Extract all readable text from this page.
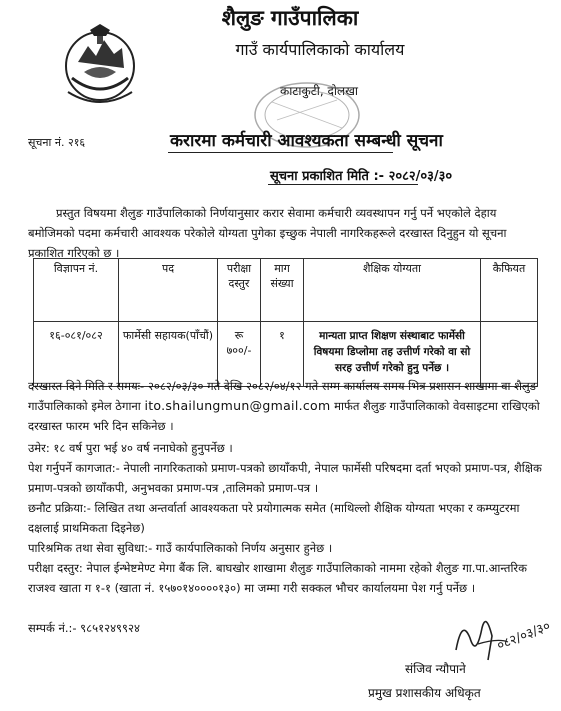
शैलुङ गाउँपालिका
गाउँ कार्यपालिकाको कार्यालय
काटाकुटी, दोलखा
सूचना नं. २१६	करारमा कर्मचारी आवश्यकता सम्बन्धी सूचना
सूचना प्रकाशित मिति :- २०८२/०३/३०
प्रस्तुत विषयमा शैलुङ गाउँपालिकाको निर्णयानुसार करार सेवामा कर्मचारी व्यवस्थापन गर्नु पर्ने भएकोले देहाय बमोजिमको पदमा कर्मचारी आवश्यक परेकोले योग्यता पुगेका इच्छुक नेपाली नागरिकहरूले दरखास्त दिनुहुन यो सूचना प्रकाशित गरिएको छ ।
विज्ञापन नं.	पद	परीक्षा दस्तुर	माग संख्या	शैक्षिक योग्यता	कैफियत
१६-०८१/०८२	फार्मेसी सहायक(पाँचौं)	रू ७००/-	१	मान्यता प्राप्त शिक्षण संस्थाबाट फार्मेसी विषयमा डिप्लोमा तह उत्तीर्ण गरेको वा सो सरह उत्तीर्ण गरेको हुनु पर्नेछ ।	
दरखास्त दिने मिति र समयः- २०८२/०३/३० गते देखि २०८२/०४/१२ गते सम्म कार्यालय समय भित्र प्रशासन शाखामा वा शैलुङ गाउँपालिकाको इमेल ठेगाना ito.shailungmun@gmail.com मार्फत शैलुङ गाउँपालिकाको वेवसाइटमा राखिएको दरखास्त फारम भरि दिन सकिनेछ ।
उमेर: १८ वर्ष पुरा भई ४० वर्ष ननाघेको हुनुपर्नेछ ।
पेश गर्नुपर्ने कागजात:- नेपाली नागरिकताको प्रमाण-पत्रको छायाँकपी, नेपाल फार्मेसी परिषदमा दर्ता भएको प्रमाण-पत्र, शैक्षिक प्रमाण-पत्रको छायाँकपी, अनुभवका प्रमाण-पत्र ,तालिमको प्रमाण-पत्र ।
छनौट प्रक्रिया:- लिखित तथा अन्तर्वार्ता आवश्यकता परे प्रयोगात्मक समेत (माथिल्लो शैक्षिक योग्यता भएका र कम्प्युटरमा दक्षलाई प्राथमिकता दिइनेछ)
पारिश्रमिक तथा सेवा सुविधा:- गाउँ कार्यपालिकाको निर्णय अनुसार हुनेछ ।
परीक्षा दस्तुर: नेपाल ईन्भेष्टमेण्ट मेगा बैंक लि. बाघखोर शाखामा शैलुङ गाउँपालिकाको नाममा रहेको शैलुङ गा.पा.आन्तरिक राजश्व खाता ग १-१ (खाता नं. १५७०१४००००१३०) मा जम्मा गरी सक्कल भौचर कार्यालयमा पेश गर्नु पर्नेछ ।
सम्पर्क नं.:- ९८५१२४९९२४	०८२/०३/३०
संजिव न्यौपाने
प्रमुख प्रशासकीय अधिकृत
